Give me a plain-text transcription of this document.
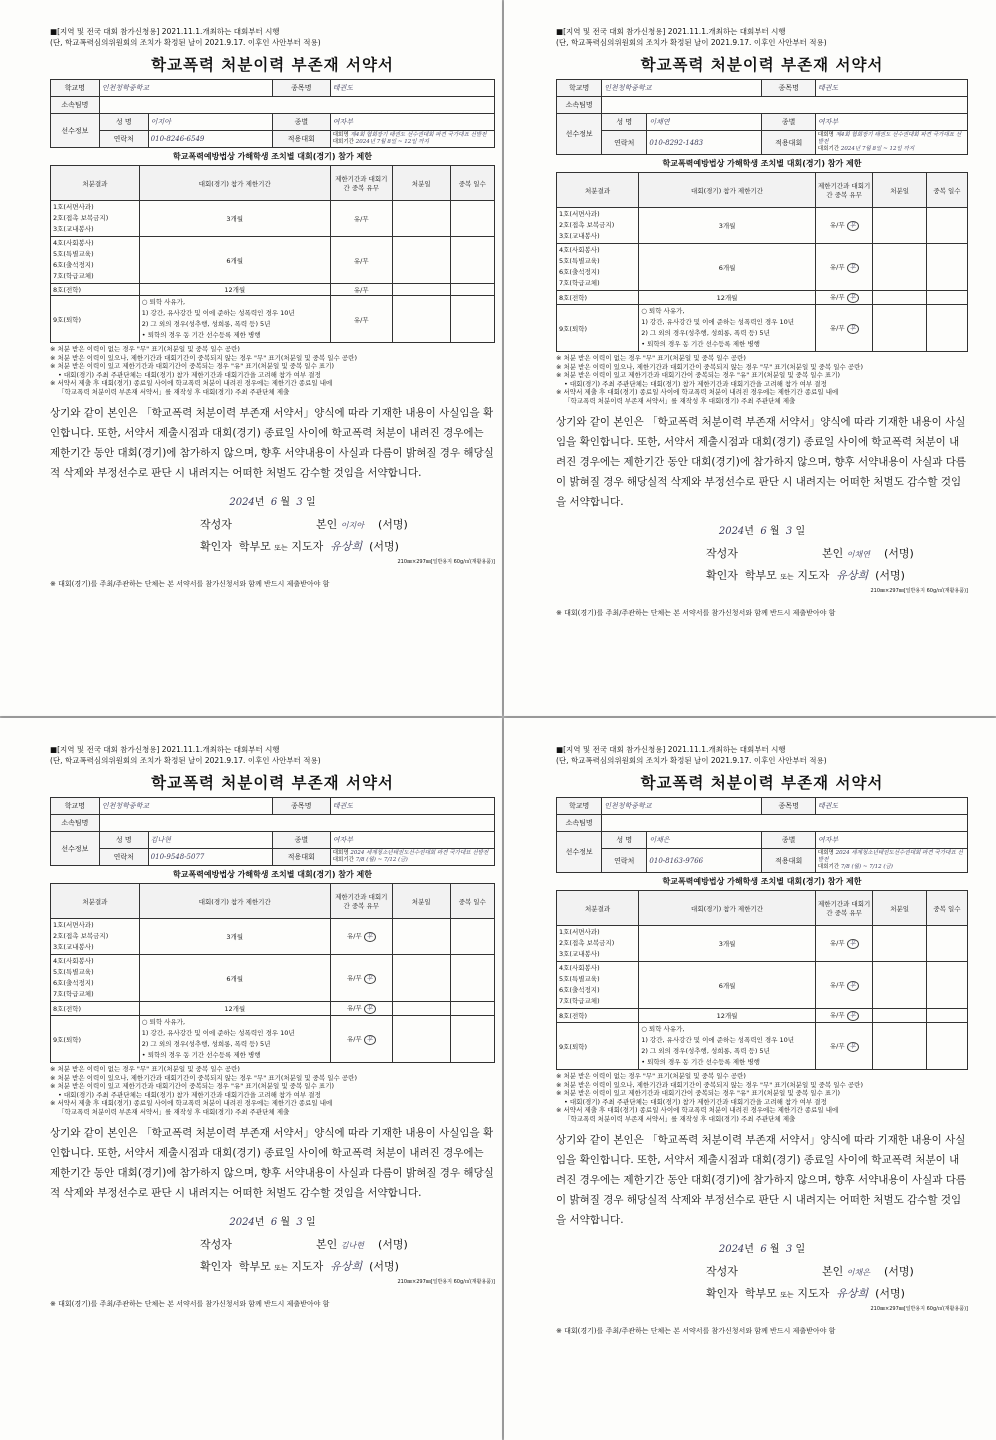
■[지역 및 전국 대회 참가신청용] 2021.11.1.개최하는 대회부터 시행
(단, 학교폭력심의위원회의 조치가 확정된 날이 2021.9.17. 이후인 사안부터 적용)
학교폭력 처분이력 부존재 서약서
학교명	인천청학중학교		종목명	태권도
소속팀명				
선수정보	성 명	이지아	종별	여자부
	연락처	010-8246-6549	적용대회	대회명 제4회 협회장기 태권도 선수권대회 파견 국가대표 선발전
대회기간 2024년 7월 8일 ~ 12일 까지
학교폭력예방법상 가해학생 조치별 대회(경기) 참가 제한
처분결과	대회(경기) 참가 제한기간	제한기간과 대회기간 중복 유무	처분일	중복 일수

1호(서면사과)
2호(접촉 보복금지)
3호(교내봉사)	3개월	유/무		

4호(사회봉사)
5호(특별교육)
6호(출석정지)
7호(학급교체)	6개월	유/무		
8호(전학)	12개월	유/무		
9호(퇴학)	○ 퇴학 사유가,
1) 강간, 유사강간 및 이에 준하는 성폭력인 경우 10년
2) 그 외의 경우(성추행, 성희롱, 폭력 등) 5년
• 퇴학의 경우 동 기간 선수등록 제한 병행	유/무		
※ 처분 받은 이력이 없는 경우 "무" 표기(처분일 및 중복 일수 공란)
※ 처분 받은 이력이 있으나, 제한기간과 대회기간이 중복되지 않는 경우 "무" 표기(처분일 및 중복 일수 공란)
※ 처분 받은 이력이 있고 제한기간과 대회기간이 중복되는 경우 "유" 표기(처분일 및 중복 일수 표기)
• 대회(경기) 주최 주관단체는 대회(경기) 참가 제한기간과 대회기간을 고려해 참가 여부 결정
※ 서약서 제출 후 대회(경기) 종료일 사이에 학교폭력 처분이 내려진 경우에는 제한기간 종료일 내에
「학교폭력 처분이력 부존재 서약서」를 재작성 후 대회(경기) 주최 주관단체 제출
상기와 같이 본인은 「학교폭력 처분이력 부존재 서약서」양식에 따라 기재한 내용이 사실임을 확인합니다. 또한, 서약서 제출시점과 대회(경기) 종료일 사이에 학교폭력 처분이 내려진 경우에는 제한기간 동안 대회(경기)에 참가하지 않으며, 향후 서약내용이 사실과 다름이 밝혀질 경우 해당실적 삭제와 부정선수로 판단 시 내려지는 어떠한 처벌도 감수할 것임을 서약합니다.
2024년 6 월 3 일
작성자	본인 이지아 (서명)
확인자 학부모 또는 지도자 유상희 (서명)
210㎜×297㎜[일반용지 60g/㎡(재활용품)]
※ 대회(경기)를 주최/주관하는 단체는 본 서약서를 참가신청서와 함께 반드시 제출받아야 함
■[지역 및 전국 대회 참가신청용] 2021.11.1.개최하는 대회부터 시행
(단, 학교폭력심의위원회의 조치가 확정된 날이 2021.9.17. 이후인 사안부터 적용)
학교폭력 처분이력 부존재 서약서
학교명	인천청학중학교		종목명	태권도
소속팀명				
선수정보	성 명	이채연	종별	여자부
	연락처	010-8292-1483	적용대회	대회명 제4회 협회장기 태권도 선수권대회 파견 국가대표 선발전
대회기간 2024년 7월 8일 ~ 12일 까지
학교폭력예방법상 가해학생 조치별 대회(경기) 참가 제한
처분결과	대회(경기) 참가 제한기간	제한기간과 대회기간 중복 유무	처분일	중복 일수

1호(서면사과)
2호(접촉 보복금지)
3호(교내봉사)	3개월	유/무 무		

4호(사회봉사)
5호(특별교육)
6호(출석정지)
7호(학급교체)	6개월	유/무 무		
8호(전학)	12개월	유/무 무		
9호(퇴학)	○ 퇴학 사유가,
1) 강간, 유사강간 및 이에 준하는 성폭력인 경우 10년
2) 그 외의 경우(성추행, 성희롱, 폭력 등) 5년
• 퇴학의 경우 동 기간 선수등록 제한 병행	유/무 무		
※ 처분 받은 이력이 없는 경우 "무" 표기(처분일 및 중복 일수 공란)
※ 처분 받은 이력이 있으나, 제한기간과 대회기간이 중복되지 않는 경우 "무" 표기(처분일 및 중복 일수 공란)
※ 처분 받은 이력이 있고 제한기간과 대회기간이 중복되는 경우 "유" 표기(처분일 및 중복 일수 표기)
• 대회(경기) 주최 주관단체는 대회(경기) 참가 제한기간과 대회기간을 고려해 참가 여부 결정
※ 서약서 제출 후 대회(경기) 종료일 사이에 학교폭력 처분이 내려진 경우에는 제한기간 종료일 내에
「학교폭력 처분이력 부존재 서약서」를 재작성 후 대회(경기) 주최 주관단체 제출
상기와 같이 본인은 「학교폭력 처분이력 부존재 서약서」양식에 따라 기재한 내용이 사실임을 확인합니다. 또한, 서약서 제출시점과 대회(경기) 종료일 사이에 학교폭력 처분이 내려진 경우에는 제한기간 동안 대회(경기)에 참가하지 않으며, 향후 서약내용이 사실과 다름이 밝혀질 경우 해당실적 삭제와 부정선수로 판단 시 내려지는 어떠한 처벌도 감수할 것임을 서약합니다.
2024년 6 월 3 일
작성자	본인 이채연 (서명)
확인자 학부모 또는 지도자 유상희 (서명)
210㎜×297㎜[일반용지 60g/㎡(재활용품)]
※ 대회(경기)를 주최/주관하는 단체는 본 서약서를 참가신청서와 함께 반드시 제출받아야 함
■[지역 및 전국 대회 참가신청용] 2021.11.1.개최하는 대회부터 시행
(단, 학교폭력심의위원회의 조치가 확정된 날이 2021.9.17. 이후인 사안부터 적용)
학교폭력 처분이력 부존재 서약서
학교명	인천청학중학교		종목명	태권도
소속팀명				
선수정보	성 명	김나현	종별	여자부
	연락처	010-9548-5077	적용대회	대회명 2024 세계청소년태권도선수권대회 파견 국가대표 선발전
대회기간 7/8 (월) ~ 7/12 (금)
학교폭력예방법상 가해학생 조치별 대회(경기) 참가 제한
처분결과	대회(경기) 참가 제한기간	제한기간과 대회기간 중복 유무	처분일	중복 일수

1호(서면사과)
2호(접촉 보복금지)
3호(교내봉사)	3개월	유/무 무		

4호(사회봉사)
5호(특별교육)
6호(출석정지)
7호(학급교체)	6개월	유/무 무		
8호(전학)	12개월	유/무 무		
9호(퇴학)	○ 퇴학 사유가,
1) 강간, 유사강간 및 이에 준하는 성폭력인 경우 10년
2) 그 외의 경우(성추행, 성희롱, 폭력 등) 5년
• 퇴학의 경우 동 기간 선수등록 제한 병행	유/무 무		
※ 처분 받은 이력이 없는 경우 "무" 표기(처분일 및 중복 일수 공란)
※ 처분 받은 이력이 있으나, 제한기간과 대회기간이 중복되지 않는 경우 "무" 표기(처분일 및 중복 일수 공란)
※ 처분 받은 이력이 있고 제한기간과 대회기간이 중복되는 경우 "유" 표기(처분일 및 중복 일수 표기)
• 대회(경기) 주최 주관단체는 대회(경기) 참가 제한기간과 대회기간을 고려해 참가 여부 결정
※ 서약서 제출 후 대회(경기) 종료일 사이에 학교폭력 처분이 내려진 경우에는 제한기간 종료일 내에
「학교폭력 처분이력 부존재 서약서」를 재작성 후 대회(경기) 주최 주관단체 제출
상기와 같이 본인은 「학교폭력 처분이력 부존재 서약서」양식에 따라 기재한 내용이 사실임을 확인합니다. 또한, 서약서 제출시점과 대회(경기) 종료일 사이에 학교폭력 처분이 내려진 경우에는 제한기간 동안 대회(경기)에 참가하지 않으며, 향후 서약내용이 사실과 다름이 밝혀질 경우 해당실적 삭제와 부정선수로 판단 시 내려지는 어떠한 처벌도 감수할 것임을 서약합니다.
2024년 6 월 3 일
작성자	본인 김나현 (서명)
확인자 학부모 또는 지도자 유상희 (서명)
210㎜×297㎜[일반용지 60g/㎡(재활용품)]
※ 대회(경기)를 주최/주관하는 단체는 본 서약서를 참가신청서와 함께 반드시 제출받아야 함
■[지역 및 전국 대회 참가신청용] 2021.11.1.개최하는 대회부터 시행
(단, 학교폭력심의위원회의 조치가 확정된 날이 2021.9.17. 이후인 사안부터 적용)
학교폭력 처분이력 부존재 서약서
학교명	인천청학중학교		종목명	태권도
소속팀명				
선수정보	성 명	이채은	종별	여자부
	연락처	010-8163-9766	적용대회	대회명 2024 세계청소년태권도선수권대회 파견 국가대표 선발전
대회기간 7/8 (월) ~ 7/12 (금)
학교폭력예방법상 가해학생 조치별 대회(경기) 참가 제한
처분결과	대회(경기) 참가 제한기간	제한기간과 대회기간 중복 유무	처분일	중복 일수

1호(서면사과)
2호(접촉 보복금지)
3호(교내봉사)	3개월	유/무 무		

4호(사회봉사)
5호(특별교육)
6호(출석정지)
7호(학급교체)	6개월	유/무 무		
8호(전학)	12개월	유/무 무		
9호(퇴학)	○ 퇴학 사유가,
1) 강간, 유사강간 및 이에 준하는 성폭력인 경우 10년
2) 그 외의 경우(성추행, 성희롱, 폭력 등) 5년
• 퇴학의 경우 동 기간 선수등록 제한 병행	유/무 무		
※ 처분 받은 이력이 없는 경우 "무" 표기(처분일 및 중복 일수 공란)
※ 처분 받은 이력이 있으나, 제한기간과 대회기간이 중복되지 않는 경우 "무" 표기(처분일 및 중복 일수 공란)
※ 처분 받은 이력이 있고 제한기간과 대회기간이 중복되는 경우 "유" 표기(처분일 및 중복 일수 표기)
• 대회(경기) 주최 주관단체는 대회(경기) 참가 제한기간과 대회기간을 고려해 참가 여부 결정
※ 서약서 제출 후 대회(경기) 종료일 사이에 학교폭력 처분이 내려진 경우에는 제한기간 종료일 내에
「학교폭력 처분이력 부존재 서약서」를 재작성 후 대회(경기) 주최 주관단체 제출
상기와 같이 본인은 「학교폭력 처분이력 부존재 서약서」양식에 따라 기재한 내용이 사실임을 확인합니다. 또한, 서약서 제출시점과 대회(경기) 종료일 사이에 학교폭력 처분이 내려진 경우에는 제한기간 동안 대회(경기)에 참가하지 않으며, 향후 서약내용이 사실과 다름이 밝혀질 경우 해당실적 삭제와 부정선수로 판단 시 내려지는 어떠한 처벌도 감수할 것임을 서약합니다.
2024년 6 월 3 일
작성자	본인 이채은 (서명)
확인자 학부모 또는 지도자 유상희 (서명)
210㎜×297㎜[일반용지 60g/㎡(재활용품)]
※ 대회(경기)를 주최/주관하는 단체는 본 서약서를 참가신청서와 함께 반드시 제출받아야 함
